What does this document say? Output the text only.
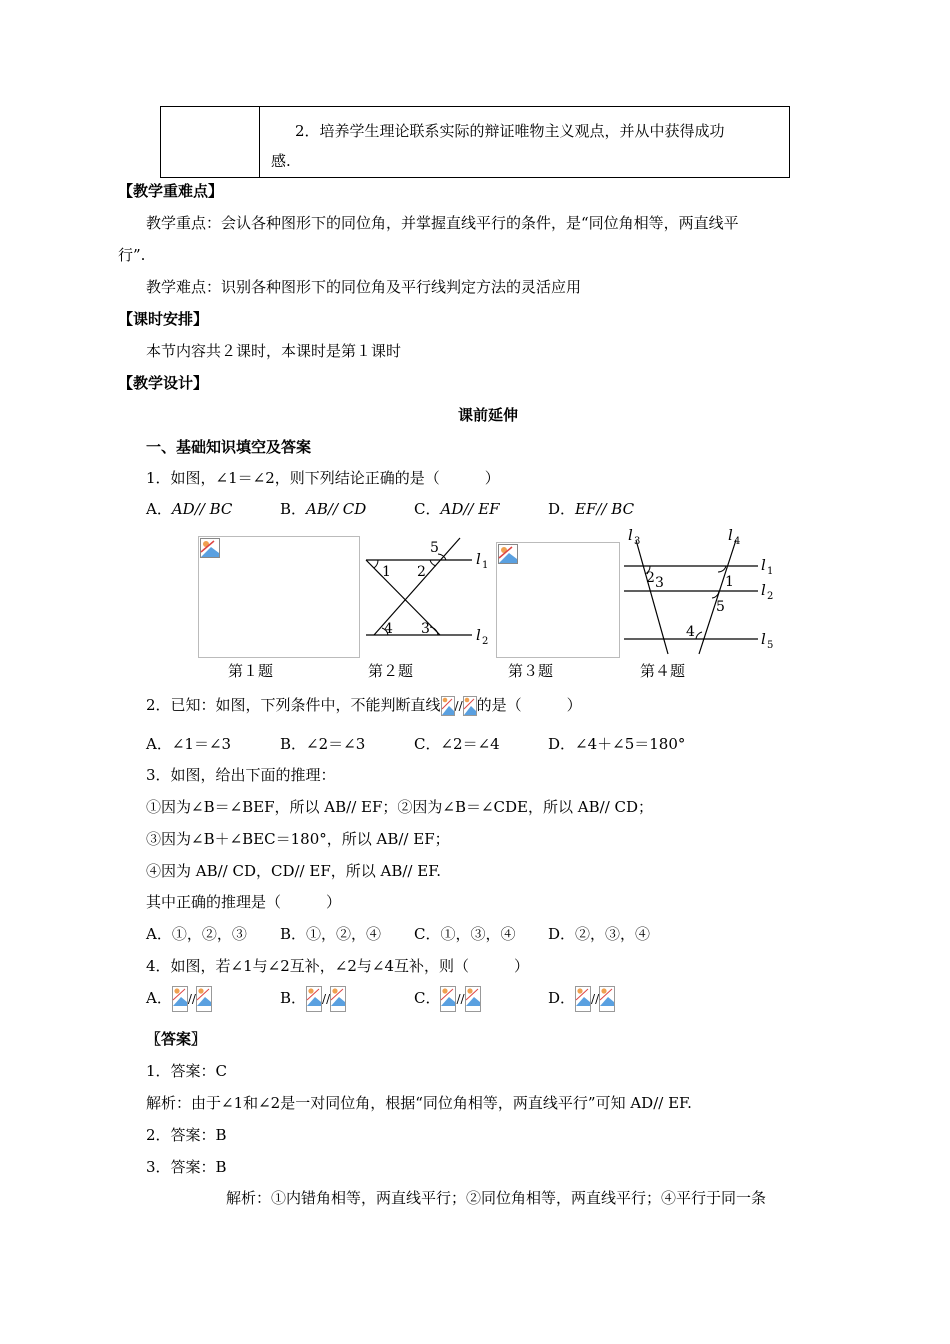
2．培养学生理论联系实际的辩证唯物主义观点，并从中获得成功
感.
【教学重难点】
教学重点：会认各种图形下的同位角，并掌握直线平行的条件，是“同位角相等，两直线平
行”.
教学难点：识别各种图形下的同位角及平行线判定方法的灵活应用
【课时安排】
本节内容共２课时，本课时是第１课时
【教学设计】
课前延伸
一、基础知识填空及答案
1．如图，∠1＝∠2，则下列结论正确的是（　　　）
A．AD// BC	B．AB// CD	C．AD// EF	D．EF// BC
5
1 2
4 3
l 1
l 2
l 3	l 4
l 1
l 2
l 5
2 3	1
5
4
第１题	第２题	第３题	第４题
2．已知：如图，下列条件中，不能判断直线 // 的是（　　　）
A．∠1＝∠3	B．∠2＝∠3	C．∠2＝∠4	D．∠4＋∠5＝180°
3．如图，给出下面的推理：
①因为∠B＝∠BEF，所以 AB// EF；②因为∠B＝∠CDE，所以 AB// CD；
③因为∠B＋∠BEC＝180°，所以 AB// EF；
④因为 AB// CD，CD// EF，所以 AB// EF.
其中正确的推理是（　　　）
A．①，②，③ B．①，②，④ C．①，③，④ D．②，③，④
4．如图，若∠1与∠2互补，∠2与∠4互补，则（　　　）
A． //	B． //	C． //	D． //
〖答案〗
1．答案：C
解析：由于∠1和∠2是一对同位角，根据“同位角相等，两直线平行”可知 AD// EF.
2．答案：B
3．答案：B
解析：①内错角相等，两直线平行；②同位角相等，两直线平行；④平行于同一条
